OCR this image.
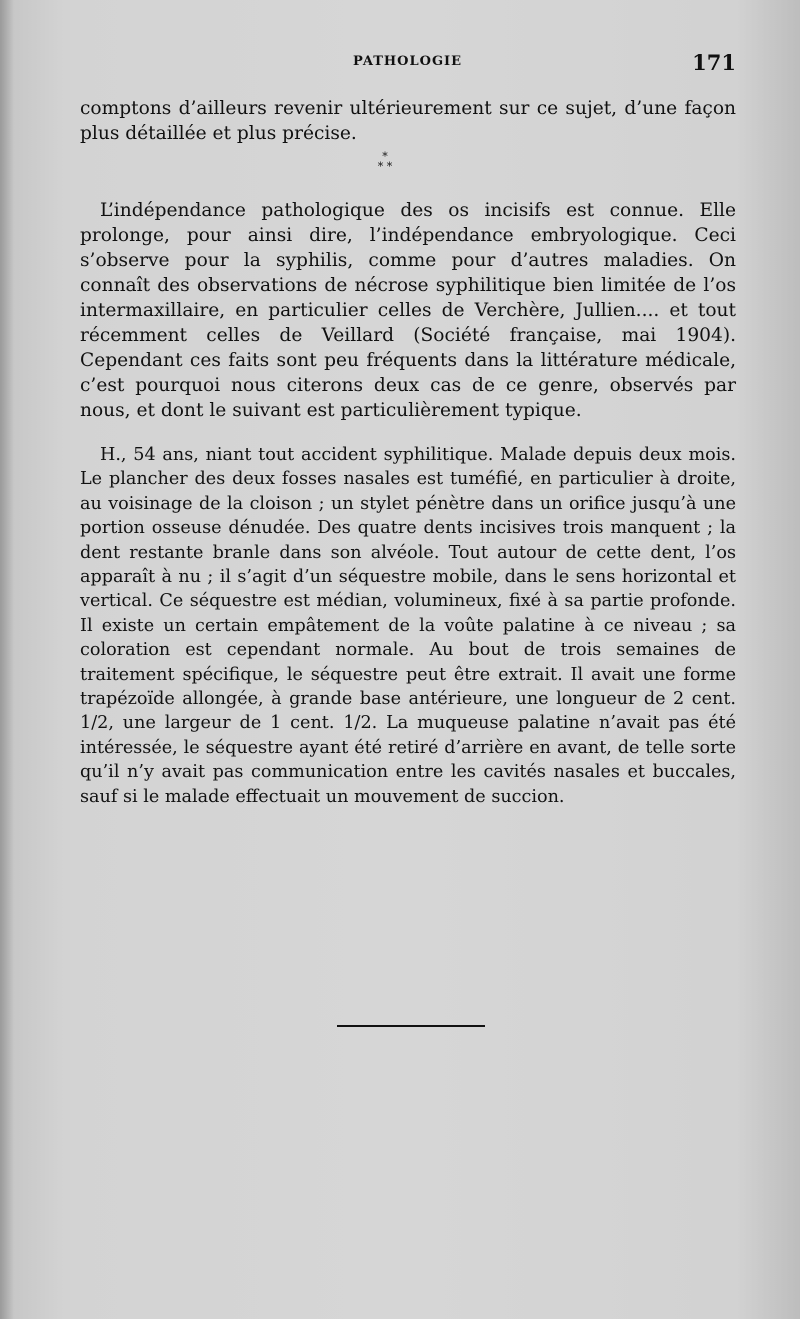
PATHOLOGIE	171

comptons d’ailleurs revenir ultérieurement sur ce sujet, d’une façon plus détaillée et plus précise.

*
* *

L’indépendance pathologique des os incisifs est connue. Elle prolonge, pour ainsi dire, l’indépendance embryologique. Ceci s’observe pour la syphilis, comme pour d’autres maladies. On connaît des observations de nécrose syphilitique bien limitée de l’os intermaxillaire, en particulier celles de Verchère, Jullien.... et tout récemment celles de Veillard (Société française, mai 1904). Cependant ces faits sont peu fréquents dans la littérature médicale, c’est pourquoi nous citerons deux cas de ce genre, observés par nous, et dont le suivant est particulièrement typique.

H., 54 ans, niant tout accident syphilitique. Malade depuis deux mois. Le plancher des deux fosses nasales est tuméfié, en particulier à droite, au voisinage de la cloison ; un stylet pénètre dans un orifice jusqu’à une portion osseuse dénudée. Des quatre dents incisives trois manquent ; la dent restante branle dans son alvéole. Tout autour de cette dent, l’os apparaît à nu ; il s’agit d’un séquestre mobile, dans le sens horizontal et vertical. Ce séquestre est médian, volumineux, fixé à sa partie profonde. Il existe un certain empâtement de la voûte palatine à ce niveau ; sa coloration est cependant normale. Au bout de trois semaines de traitement spécifique, le séquestre peut être extrait. Il avait une forme trapézoïde allongée, à grande base antérieure, une longueur de 2 cent. 1/2, une largeur de 1 cent. 1/2. La muqueuse palatine n’avait pas été intéressée, le séquestre ayant été retiré d’arrière en avant, de telle sorte qu’il n’y avait pas communication entre les cavités nasales et buccales, sauf si le malade effectuait un mouvement de succion.
